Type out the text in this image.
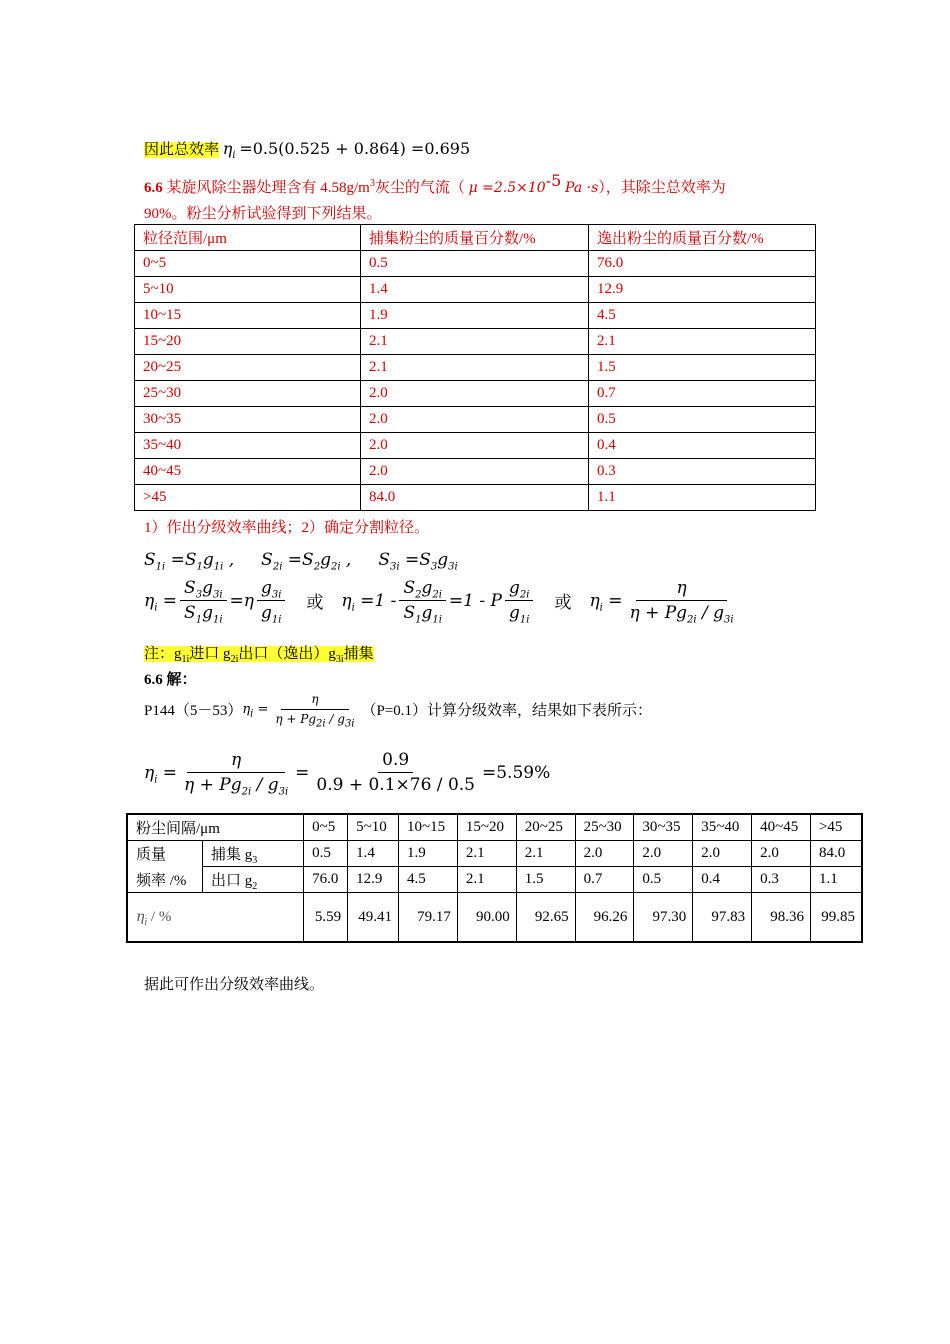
因此总效率 $\eta_i =0.5(0.525 + 0.864) =0.695$
6.6 某旋风除尘器处理含有 $4.58g/m^3$灰尘的气流（ $\mu =2.5\times 10^{-5}$ Pa ·s），其除尘总效率为
90%。粉尘分析试验得到下列结果。
粒径范围/μm	捕集粉尘的质量百分数/%	逸出粉尘的质量百分数/%
0~5	0.5	76.0
5~10	1.4	12.9
10~15	1.9	4.5
15~20	2.1	2.1
20~25	2.1	1.5
25~30	2.0	0.7
30~35	2.0	0.5
35~40	2.0	0.4
40~45	2.0	0.3
>45	84.0	1.1
1）作出分级效率曲线；2）确定分割粒径。
$S_{1i} =S_1g_{1i}$ ,     $S_{2i} =S_2g_{2i}$ ,     $S_{3i} =S_3g_{3i}$
$\eta_i = \frac{S_3g_{3i}}{S_1g_{1i}} =\eta \frac{g_{3i}}{g_{1i}}$ 或 $\eta_i =1 - \frac{S_2g_{2i}}{S_1g_{1i}} =1 - P \frac{g_{2i}}{g_{1i}}$ 或 $\eta_i = \frac{\eta}{\eta + Pg_{2i} / g_{3i}}$
注：$g_{1i}$进口 $g_{2i}$出口（逸出）$g_{3i}$捕集
6.6 解：
P144（5－53） $\eta_i = \frac{\eta}{\eta + Pg_{2i} / g_{3i}} (P=0.1)$计算分级效率，结果如下表所示：
$\eta_i = \frac{\eta}{\eta + Pg_{2i} / g_{3i}} = \frac{0.9}{0.9 + 0.1\times 76 / 0.5} =5.59\%$
粉尘间隔/μm		0~5	5~10	10~15	15~20	20~25	25~30	30~35	35~40	40~45	>45
质量	捕集 $g_3$	0.5	1.4	1.9	2.1	2.1	2.0	2.0	2.0	2.0	84.0
频率 /%	出口 $g_2$	76.0	12.9	4.5	2.1	1.5	0.7	0.5	0.4	0.3	1.1
$\eta_i$ / %		5.59	49.41	79.17	90.00	92.65	96.26	97.30	97.83	98.36	99.85
据此可作出分级效率曲线。
